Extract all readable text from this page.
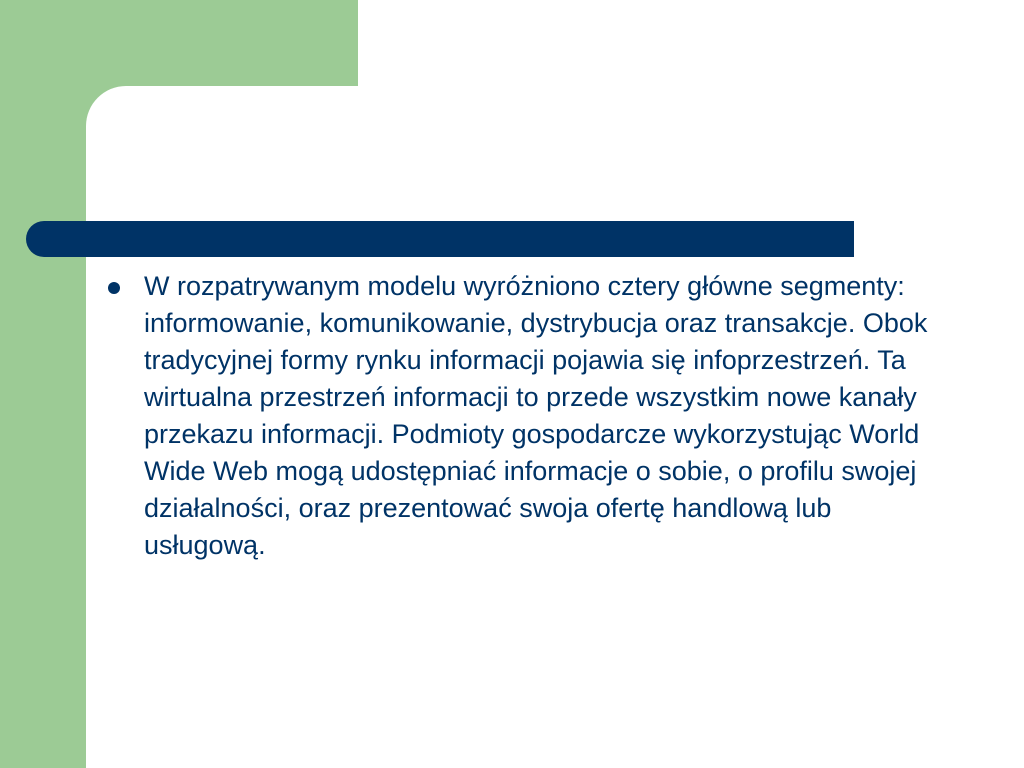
W rozpatrywanym modelu wyróżniono cztery główne segmenty: informowanie, komunikowanie, dystrybucja oraz transakcje. Obok tradycyjnej formy rynku informacji pojawia się infoprzestrzeń. Ta wirtualna przestrzeń informacji to przede wszystkim nowe kanały przekazu informacji. Podmioty gospodarcze wykorzystując World Wide Web mogą udostępniać informacje o sobie, o profilu swojej działalności, oraz prezentować swoja ofertę handlową lub usługową.
